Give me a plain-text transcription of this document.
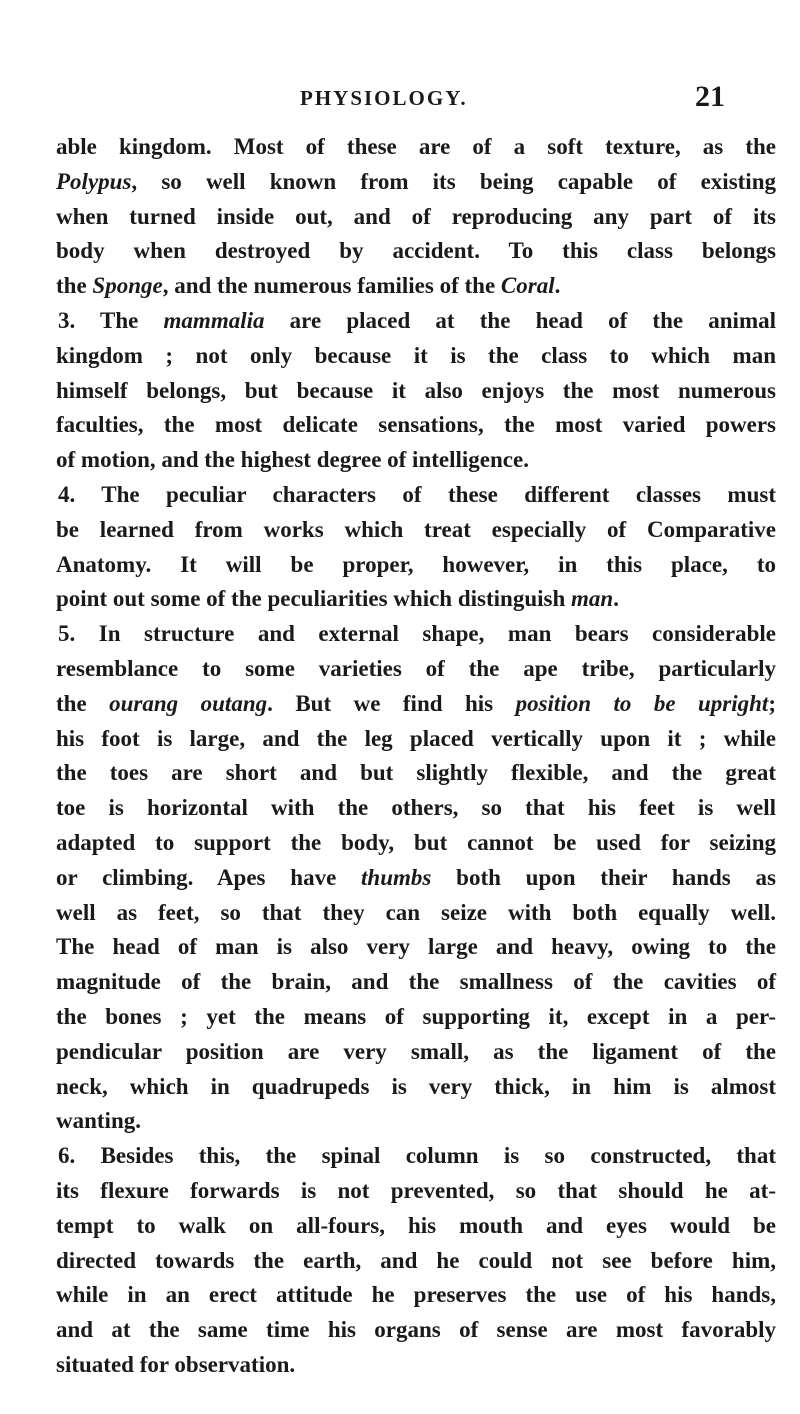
PHYSIOLOGY.	21
able kingdom. Most of these are of a soft texture, as the
Polypus, so well known from its being capable of existing
when turned inside out, and of reproducing any part of its
body when destroyed by accident. To this class belongs
the Sponge, and the numerous families of the Coral.
3. The mammalia are placed at the head of the animal
kingdom ; not only because it is the class to which man
himself belongs, but because it also enjoys the most numerous
faculties, the most delicate sensations, the most varied powers
of motion, and the highest degree of intelligence.
4. The peculiar characters of these different classes must
be learned from works which treat especially of Comparative
Anatomy. It will be proper, however, in this place, to
point out some of the peculiarities which distinguish man.
5. In structure and external shape, man bears considerable
resemblance to some varieties of the ape tribe, particularly
the ourang outang. But we find his position to be upright;
his foot is large, and the leg placed vertically upon it ; while
the toes are short and but slightly flexible, and the great
toe is horizontal with the others, so that his feet is well
adapted to support the body, but cannot be used for seizing
or climbing. Apes have thumbs both upon their hands as
well as feet, so that they can seize with both equally well.
The head of man is also very large and heavy, owing to the
magnitude of the brain, and the smallness of the cavities of
the bones ; yet the means of supporting it, except in a per-
pendicular position are very small, as the ligament of the
neck, which in quadrupeds is very thick, in him is almost
wanting.
6. Besides this, the spinal column is so constructed, that
its flexure forwards is not prevented, so that should he at-
tempt to walk on all-fours, his mouth and eyes would be
directed towards the earth, and he could not see before him,
while in an erect attitude he preserves the use of his hands,
and at the same time his organs of sense are most favorably
situated for observation.
